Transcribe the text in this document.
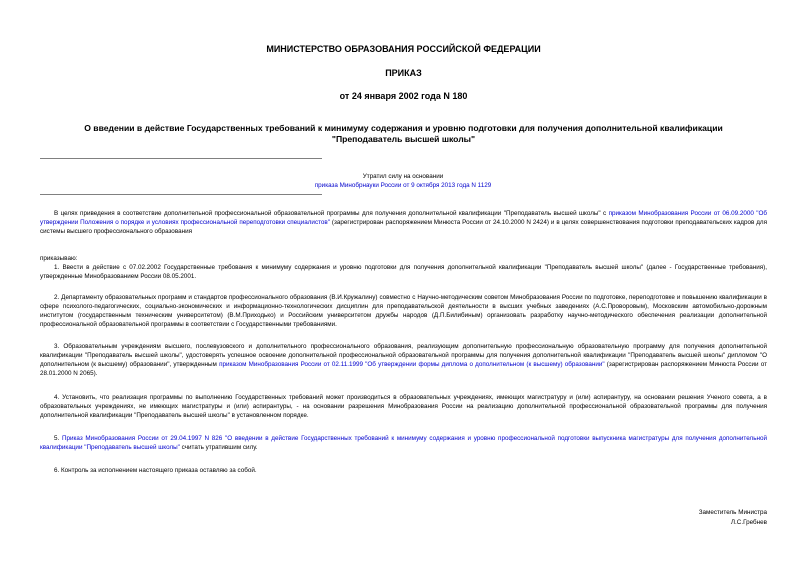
МИНИСТЕРСТВО ОБРАЗОВАНИЯ РОССИЙСКОЙ ФЕДЕРАЦИИ
ПРИКАЗ
от 24 января 2002 года N 180
О введении в действие Государственных требований к минимуму содержания и уровню подготовки для получения дополнительной квалификации
"Преподаватель высшей школы"
Утратил силу на основании
приказа Минобрнауки России от 9 октября 2013 года N 1129
В целях приведения в соответствие дополнительной профессиональной образовательной программы для получения дополнительной квалификации "Преподаватель высшей школы" с приказом Минобразования России от 06.09.2000 "Об утверждении Положения о порядке и условиях профессиональной переподготовки специалистов" (зарегистрирован распоряжением Минюста России от 24.10.2000 N 2424) и в целях совершенствования подготовки преподавательских кадров для системы высшего профессионального образования
приказываю:
1. Ввести в действие с 07.02.2002 Государственные требования к минимуму содержания и уровню подготовки для получения дополнительной квалификации "Преподаватель высшей школы" (далее - Государственные требования), утвержденные Минобразованием России 08.05.2001.
2. Департаменту образовательных программ и стандартов профессионального образования (В.И.Кружалину) совместно с Научно-методическим советом Минобразования России по подготовке, переподготовке и повышению квалификации в сфере психолого-педагогических, социально-экономических и информационно-технологических дисциплин для преподавательской деятельности в высших учебных заведениях (А.С.Проворовым), Московским автомобильно-дорожным институтом (государственным техническим университетом) (В.М.Приходько) и Российским университетом дружбы народов (Д.П.Билибиным) организовать разработку научно-методического обеспечения реализации дополнительной профессиональной образовательной программы в соответствии с Государственными требованиями.
3. Образовательным учреждениям высшего, послевузовского и дополнительного профессионального образования, реализующим дополнительную профессиональную образовательную программу для получения дополнительной квалификации "Преподаватель высшей школы", удостоверять успешное освоение дополнительной профессиональной образовательной программы для получения дополнительной квалификации "Преподаватель высшей школы" дипломом "О дополнительном (к высшему) образовании", утвержденным приказом Минобразования России от 02.11.1999 "Об утверждении формы диплома о дополнительном (к высшему) образовании" (зарегистрирован распоряжением Минюста России от 28.01.2000 N 2065).
4. Установить, что реализация программы по выполнению Государственных требований может производиться в образовательных учреждениях, имеющих магистратуру и (или) аспирантуру, на основании решения Ученого совета, а в образовательных учреждениях, не имеющих магистратуры и (или) аспирантуры, - на основании разрешения Минобразования России на реализацию дополнительной профессиональной образовательной программы для получения дополнительной квалификации "Преподаватель высшей школы" в установленном порядке.
5. Приказ Минобразования России от 29.04.1997 N 826 "О введении в действие Государственных требований к минимуму содержания и уровню профессиональной подготовки выпускника магистратуры для получения дополнительной квалификации "Преподаватель высшей школы" считать утратившим силу.
6. Контроль за исполнением настоящего приказа оставляю за собой.
Заместитель Министра
Л.С.Гребнев
